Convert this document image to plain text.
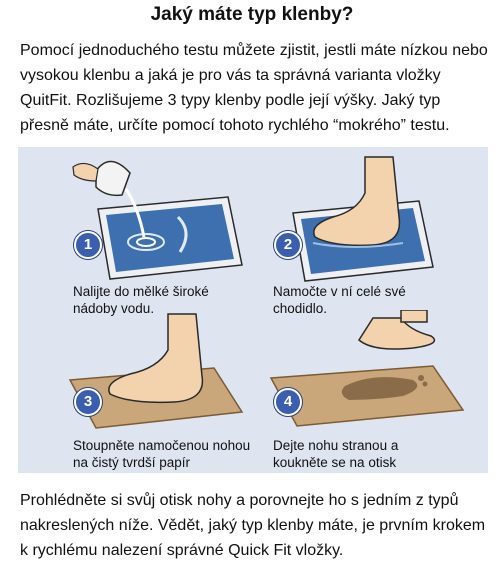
Jaký máte typ klenby?
Pomocí jednoduchého testu můžete zjistit, jestli máte nízkou nebo vysokou klenbu a jaká je pro vás ta správná varianta vložky QuitFit. Rozlišujeme 3 typy klenby podle její výšky. Jaký typ přesně máte, určíte pomocí tohoto rychlého “mokrého” testu.
1
Nalijte do mělké široké
nádoby vodu.
2
Namočte v ní celé své
chodidlo.
3
Stoupněte namočenou nohou
na čistý tvrdší papír
4
Dejte nohu stranou a
koukněte se na otisk
Prohlédněte si svůj otisk nohy a porovnejte ho s jedním z typů nakreslených níže. Vědět, jaký typ klenby máte, je prvním krokem k rychlému nalezení správné Quick Fit vložky.
